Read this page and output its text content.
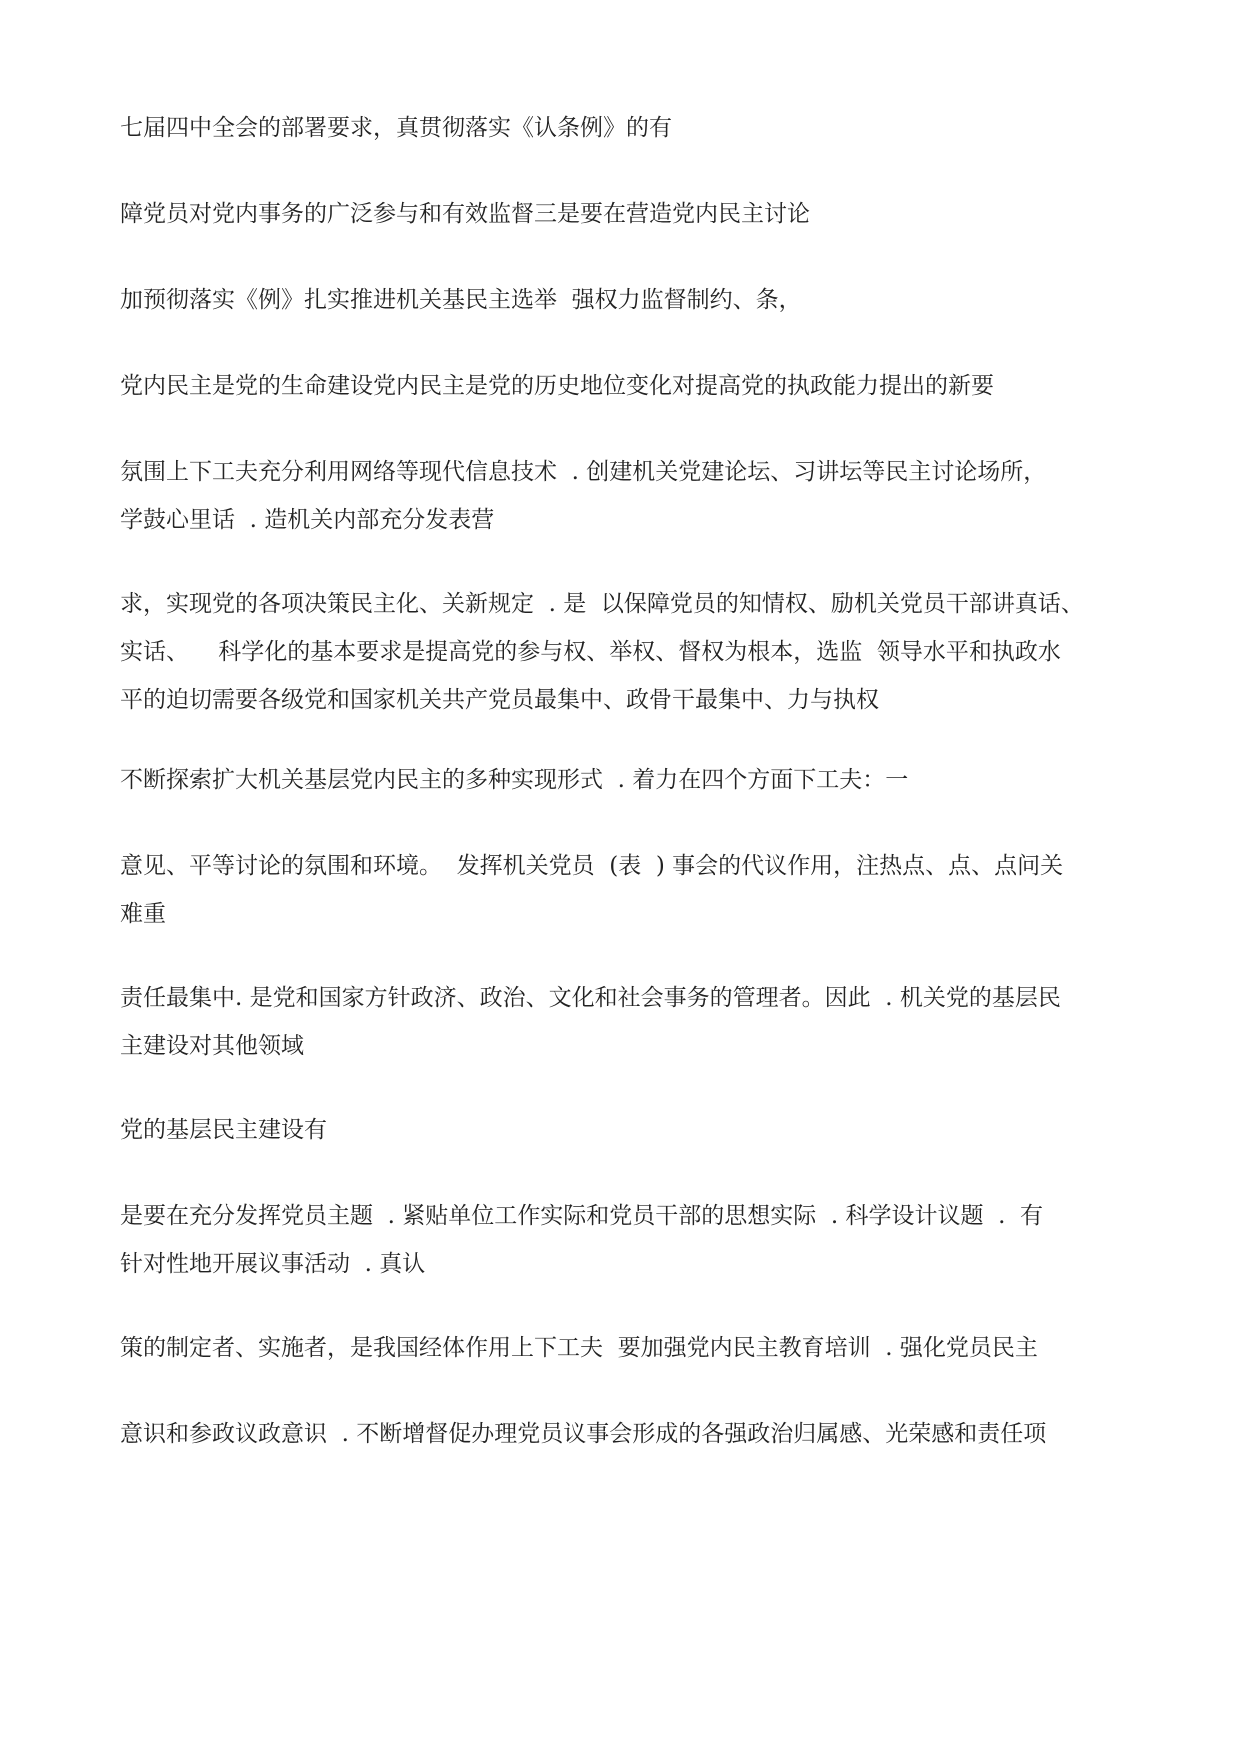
七届四中全会的部署要求，真贯彻落实《认条例》的有

障党员对党内事务的广泛参与和有效监督三是要在营造党内民主讨论

加预彻落实《例》扎实推进机关基民主选举  强权力监督制约、条，

党内民主是党的生命建设党内民主是党的历史地位变化对提高党的执政能力提出的新要

氛围上下工夫充分利用网络等现代信息技术  . 创建机关党建论坛、习讲坛等民主讨论场所，
学鼓心里话  . 造机关内部充分发表营

求，实现党的各项决策民主化、关新规定  . 是  以保障党员的知情权、励机关党员干部讲真话、
实话、    科学化的基本要求是提高党的参与权、举权、督权为根本，选监  领导水平和执政水
平的迫切需要各级党和国家机关共产党员最集中、政骨干最集中、力与执权

不断探索扩大机关基层党内民主的多种实现形式  . 着力在四个方面下工夫：一

意见、平等讨论的氛围和环境。  发挥机关党员  (表  ) 事会的代议作用，注热点、点、点问关
难重

责任最集中. 是党和国家方针政济、政治、文化和社会事务的管理者。因此  . 机关党的基层民
主建设对其他领域

党的基层民主建设有

是要在充分发挥党员主题  . 紧贴单位工作实际和党员干部的思想实际  . 科学设计议题  .  有
针对性地开展议事活动  . 真认

策的制定者、实施者，是我国经体作用上下工夫  要加强党内民主教育培训  . 强化党员民主

意识和参政议政意识  . 不断增督促办理党员议事会形成的各强政治归属感、光荣感和责任项
